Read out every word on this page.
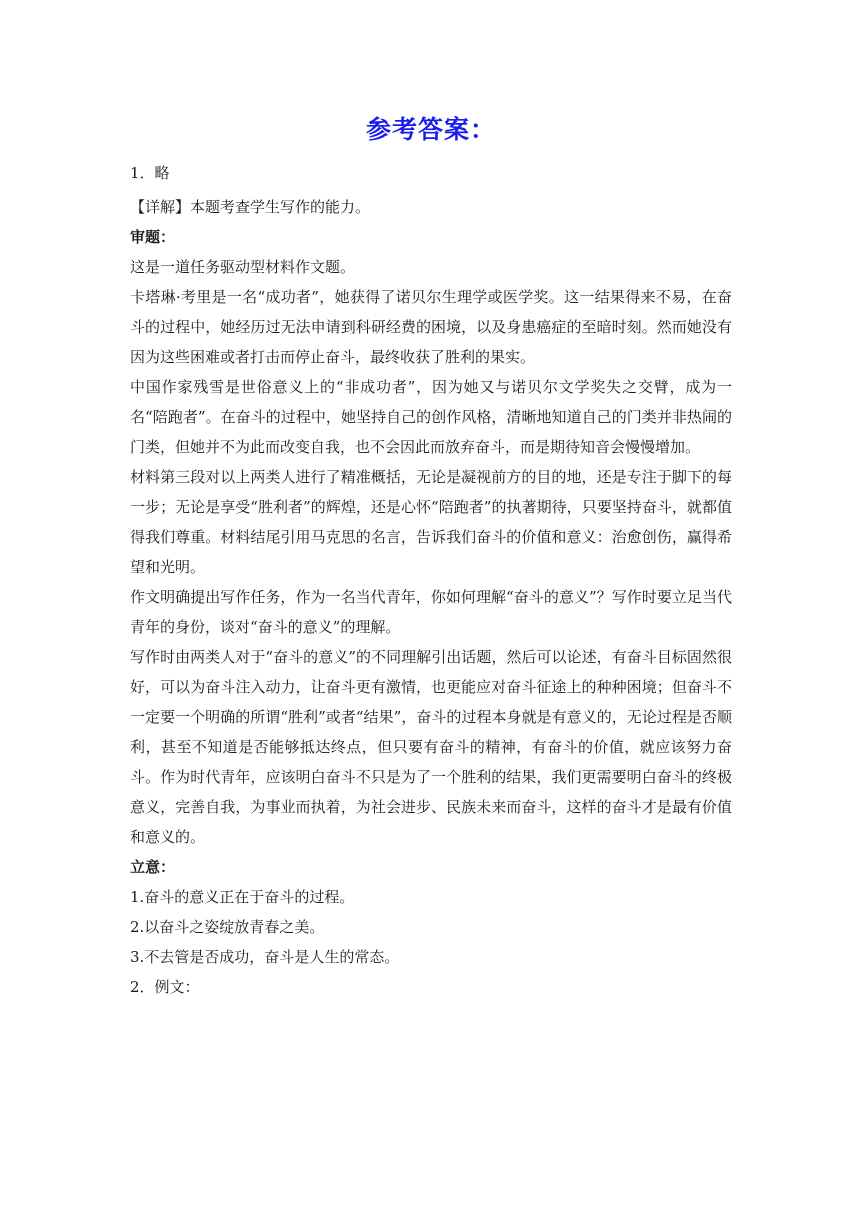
参考答案：

1．略

【详解】本题考查学生写作的能力。

审题：

这是一道任务驱动型材料作文题。

卡塔琳·考里是一名“成功者”，她获得了诺贝尔生理学或医学奖。这一结果得来不易，在奋斗的过程中，她经历过无法申请到科研经费的困境，以及身患癌症的至暗时刻。然而她没有因为这些困难或者打击而停止奋斗，最终收获了胜利的果实。

中国作家残雪是世俗意义上的“非成功者”，因为她又与诺贝尔文学奖失之交臂，成为一名“陪跑者”。在奋斗的过程中，她坚持自己的创作风格，清晰地知道自己的门类并非热闹的门类，但她并不为此而改变自我，也不会因此而放弃奋斗，而是期待知音会慢慢增加。

材料第三段对以上两类人进行了精准概括，无论是凝视前方的目的地，还是专注于脚下的每一步；无论是享受“胜利者”的辉煌，还是心怀“陪跑者”的执著期待，只要坚持奋斗，就都值得我们尊重。材料结尾引用马克思的名言，告诉我们奋斗的价值和意义：治愈创伤，赢得希望和光明。

作文明确提出写作任务，作为一名当代青年，你如何理解“奋斗的意义”？写作时要立足当代青年的身份，谈对“奋斗的意义”的理解。

写作时由两类人对于“奋斗的意义”的不同理解引出话题，然后可以论述，有奋斗目标固然很好，可以为奋斗注入动力，让奋斗更有激情，也更能应对奋斗征途上的种种困境；但奋斗不一定要一个明确的所谓“胜利”或者“结果”，奋斗的过程本身就是有意义的，无论过程是否顺利，甚至不知道是否能够抵达终点，但只要有奋斗的精神，有奋斗的价值，就应该努力奋斗。作为时代青年，应该明白奋斗不只是为了一个胜利的结果，我们更需要明白奋斗的终极意义，完善自我，为事业而执着，为社会进步、民族未来而奋斗，这样的奋斗才是最有价值和意义的。

立意：

1.奋斗的意义正在于奋斗的过程。

2.以奋斗之姿绽放青春之美。

3.不去管是否成功，奋斗是人生的常态。

2．例文：
